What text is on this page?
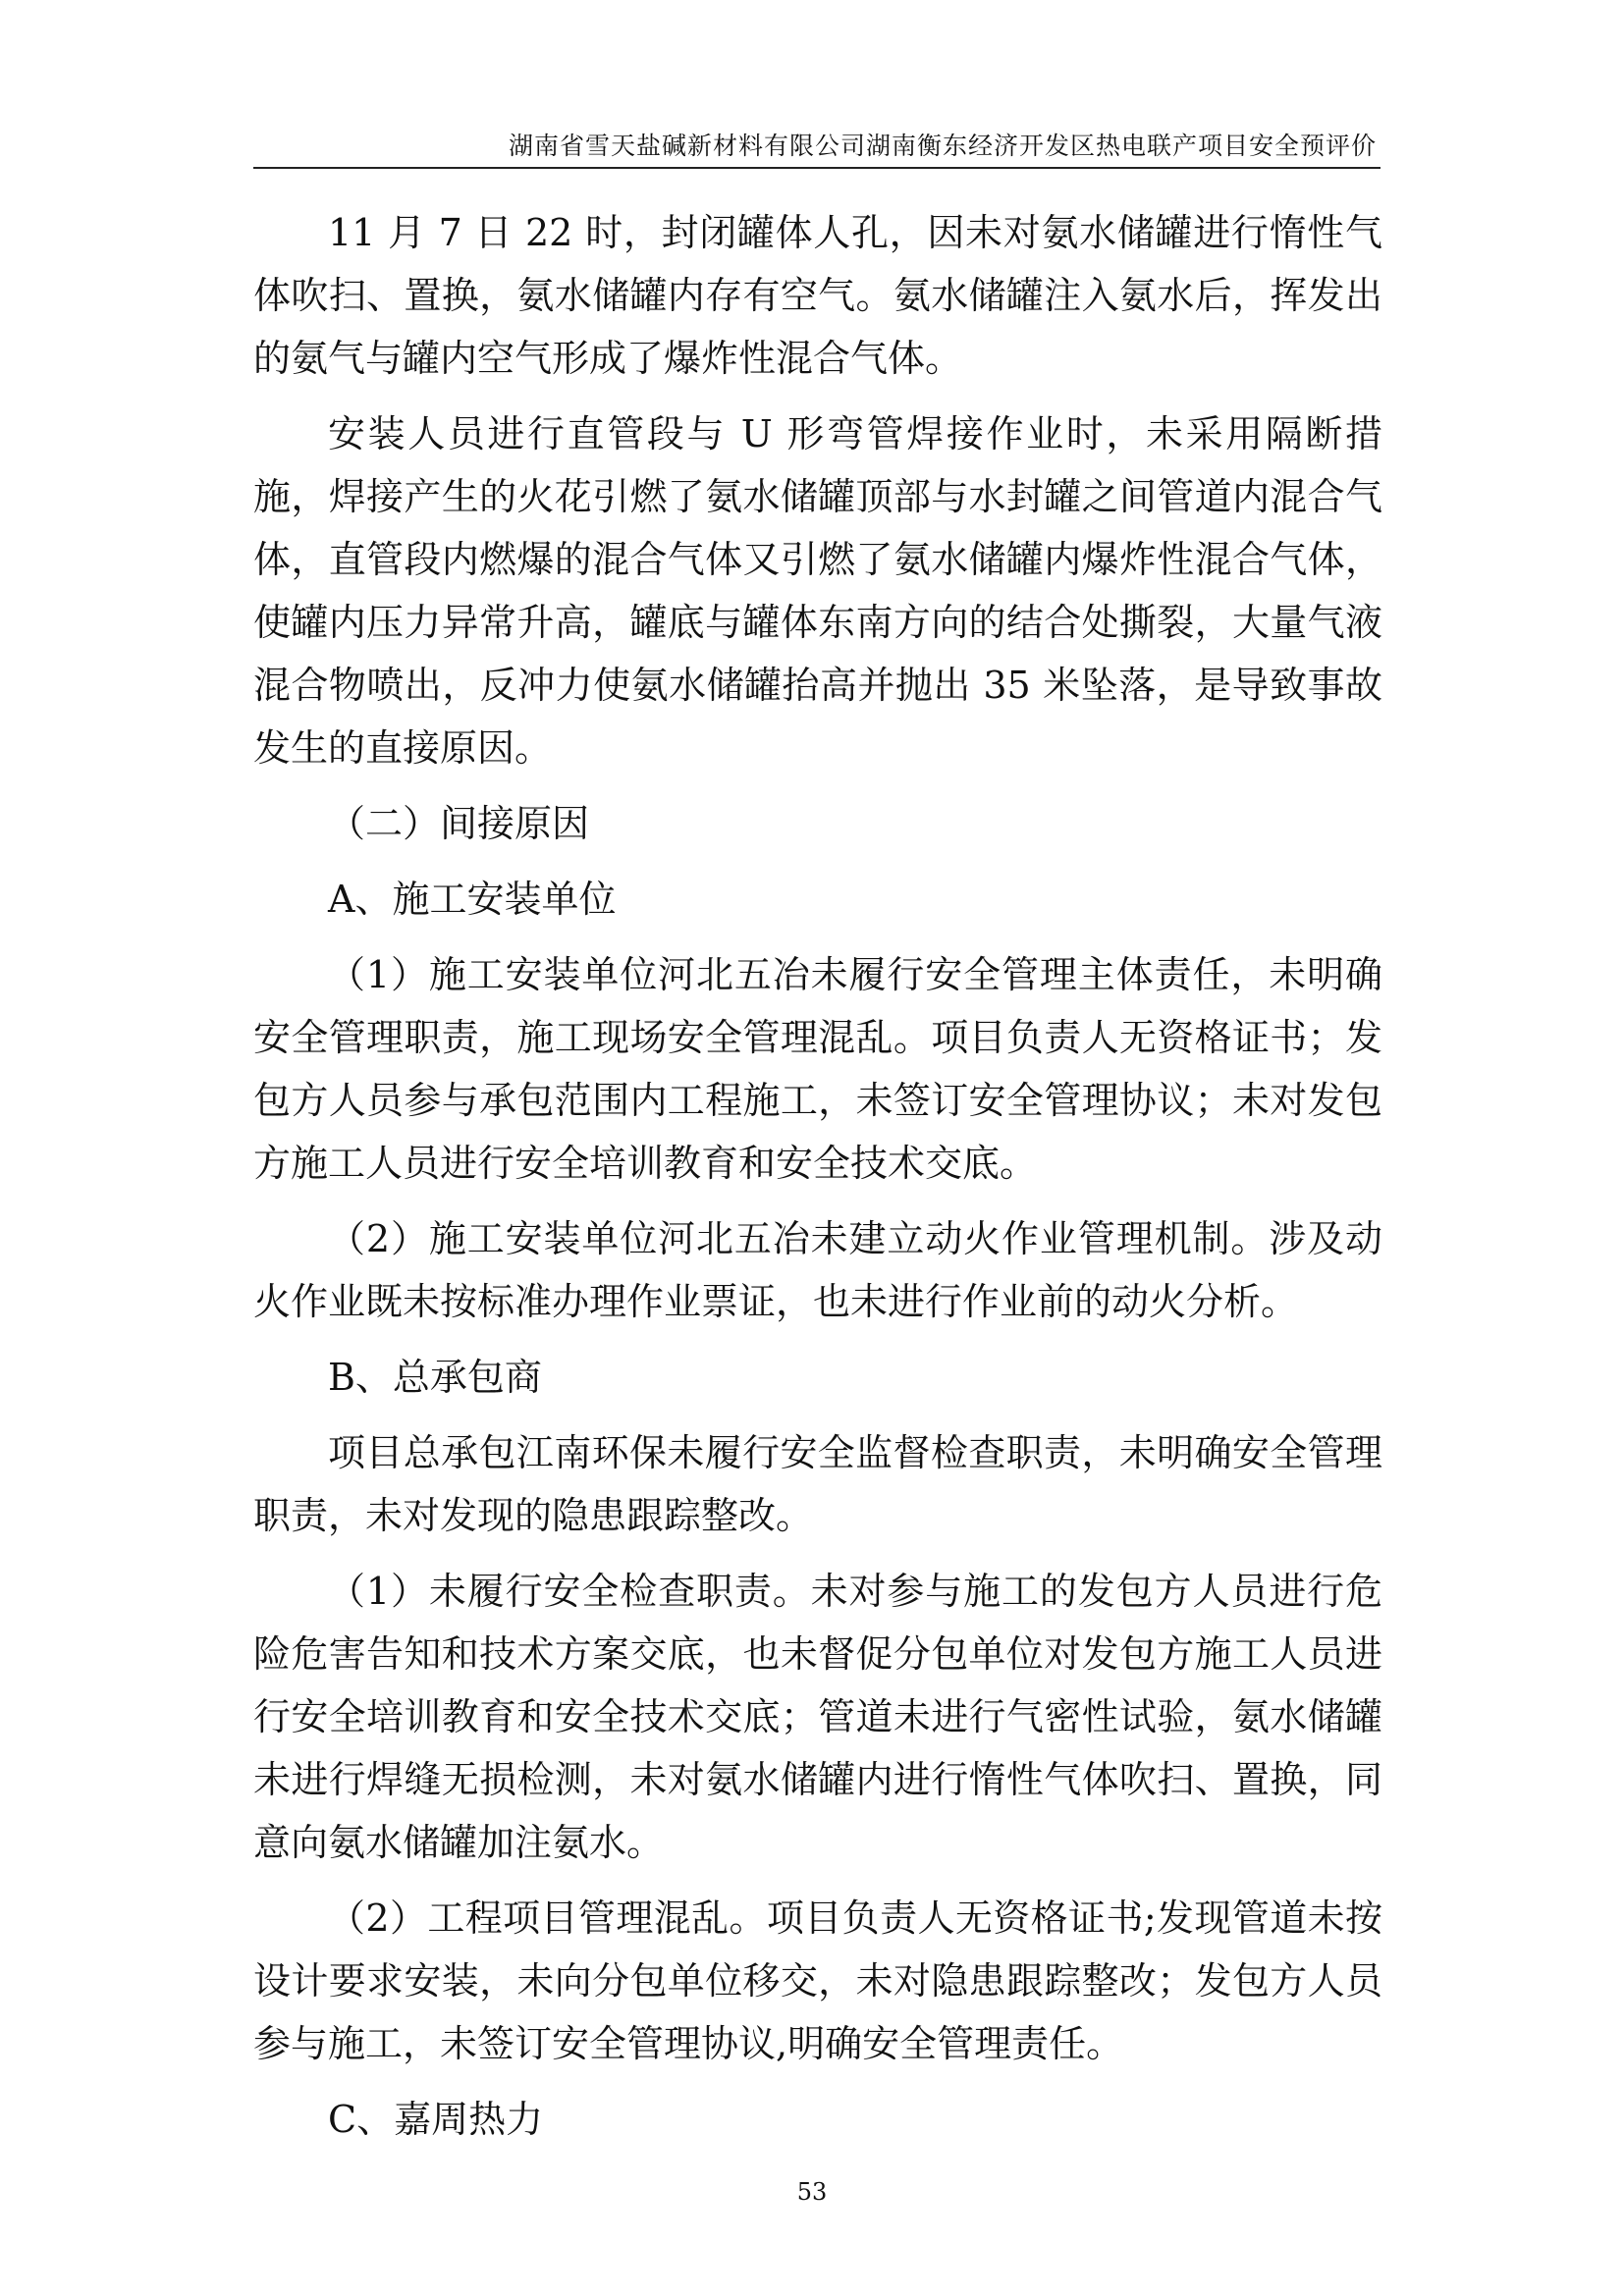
湖南省雪天盐碱新材料有限公司湖南衡东经济开发区热电联产项目安全预评价

11 月 7 日 22 时，封闭罐体人孔，因未对氨水储罐进行惰性气体吹扫、置换，氨水储罐内存有空气。氨水储罐注入氨水后，挥发出的氨气与罐内空气形成了爆炸性混合气体。

安装人员进行直管段与 U 形弯管焊接作业时，未采用隔断措施，焊接产生的火花引燃了氨水储罐顶部与水封罐之间管道内混合气体，直管段内燃爆的混合气体又引燃了氨水储罐内爆炸性混合气体，使罐内压力异常升高，罐底与罐体东南方向的结合处撕裂，大量气液混合物喷出，反冲力使氨水储罐抬高并抛出 35 米坠落，是导致事故发生的直接原因。

（二）间接原因

A、施工安装单位

（1）施工安装单位河北五冶未履行安全管理主体责任，未明确安全管理职责，施工现场安全管理混乱。项目负责人无资格证书；发包方人员参与承包范围内工程施工，未签订安全管理协议；未对发包方施工人员进行安全培训教育和安全技术交底。

（2）施工安装单位河北五冶未建立动火作业管理机制。涉及动火作业既未按标准办理作业票证，也未进行作业前的动火分析。

B、总承包商

项目总承包江南环保未履行安全监督检查职责，未明确安全管理职责，未对发现的隐患跟踪整改。

（1）未履行安全检查职责。未对参与施工的发包方人员进行危险危害告知和技术方案交底，也未督促分包单位对发包方施工人员进行安全培训教育和安全技术交底；管道未进行气密性试验，氨水储罐未进行焊缝无损检测，未对氨水储罐内进行惰性气体吹扫、置换，同意向氨水储罐加注氨水。

（2）工程项目管理混乱。项目负责人无资格证书;发现管道未按设计要求安装，未向分包单位移交，未对隐患跟踪整改；发包方人员参与施工，未签订安全管理协议,明确安全管理责任。

C、嘉周热力

53
